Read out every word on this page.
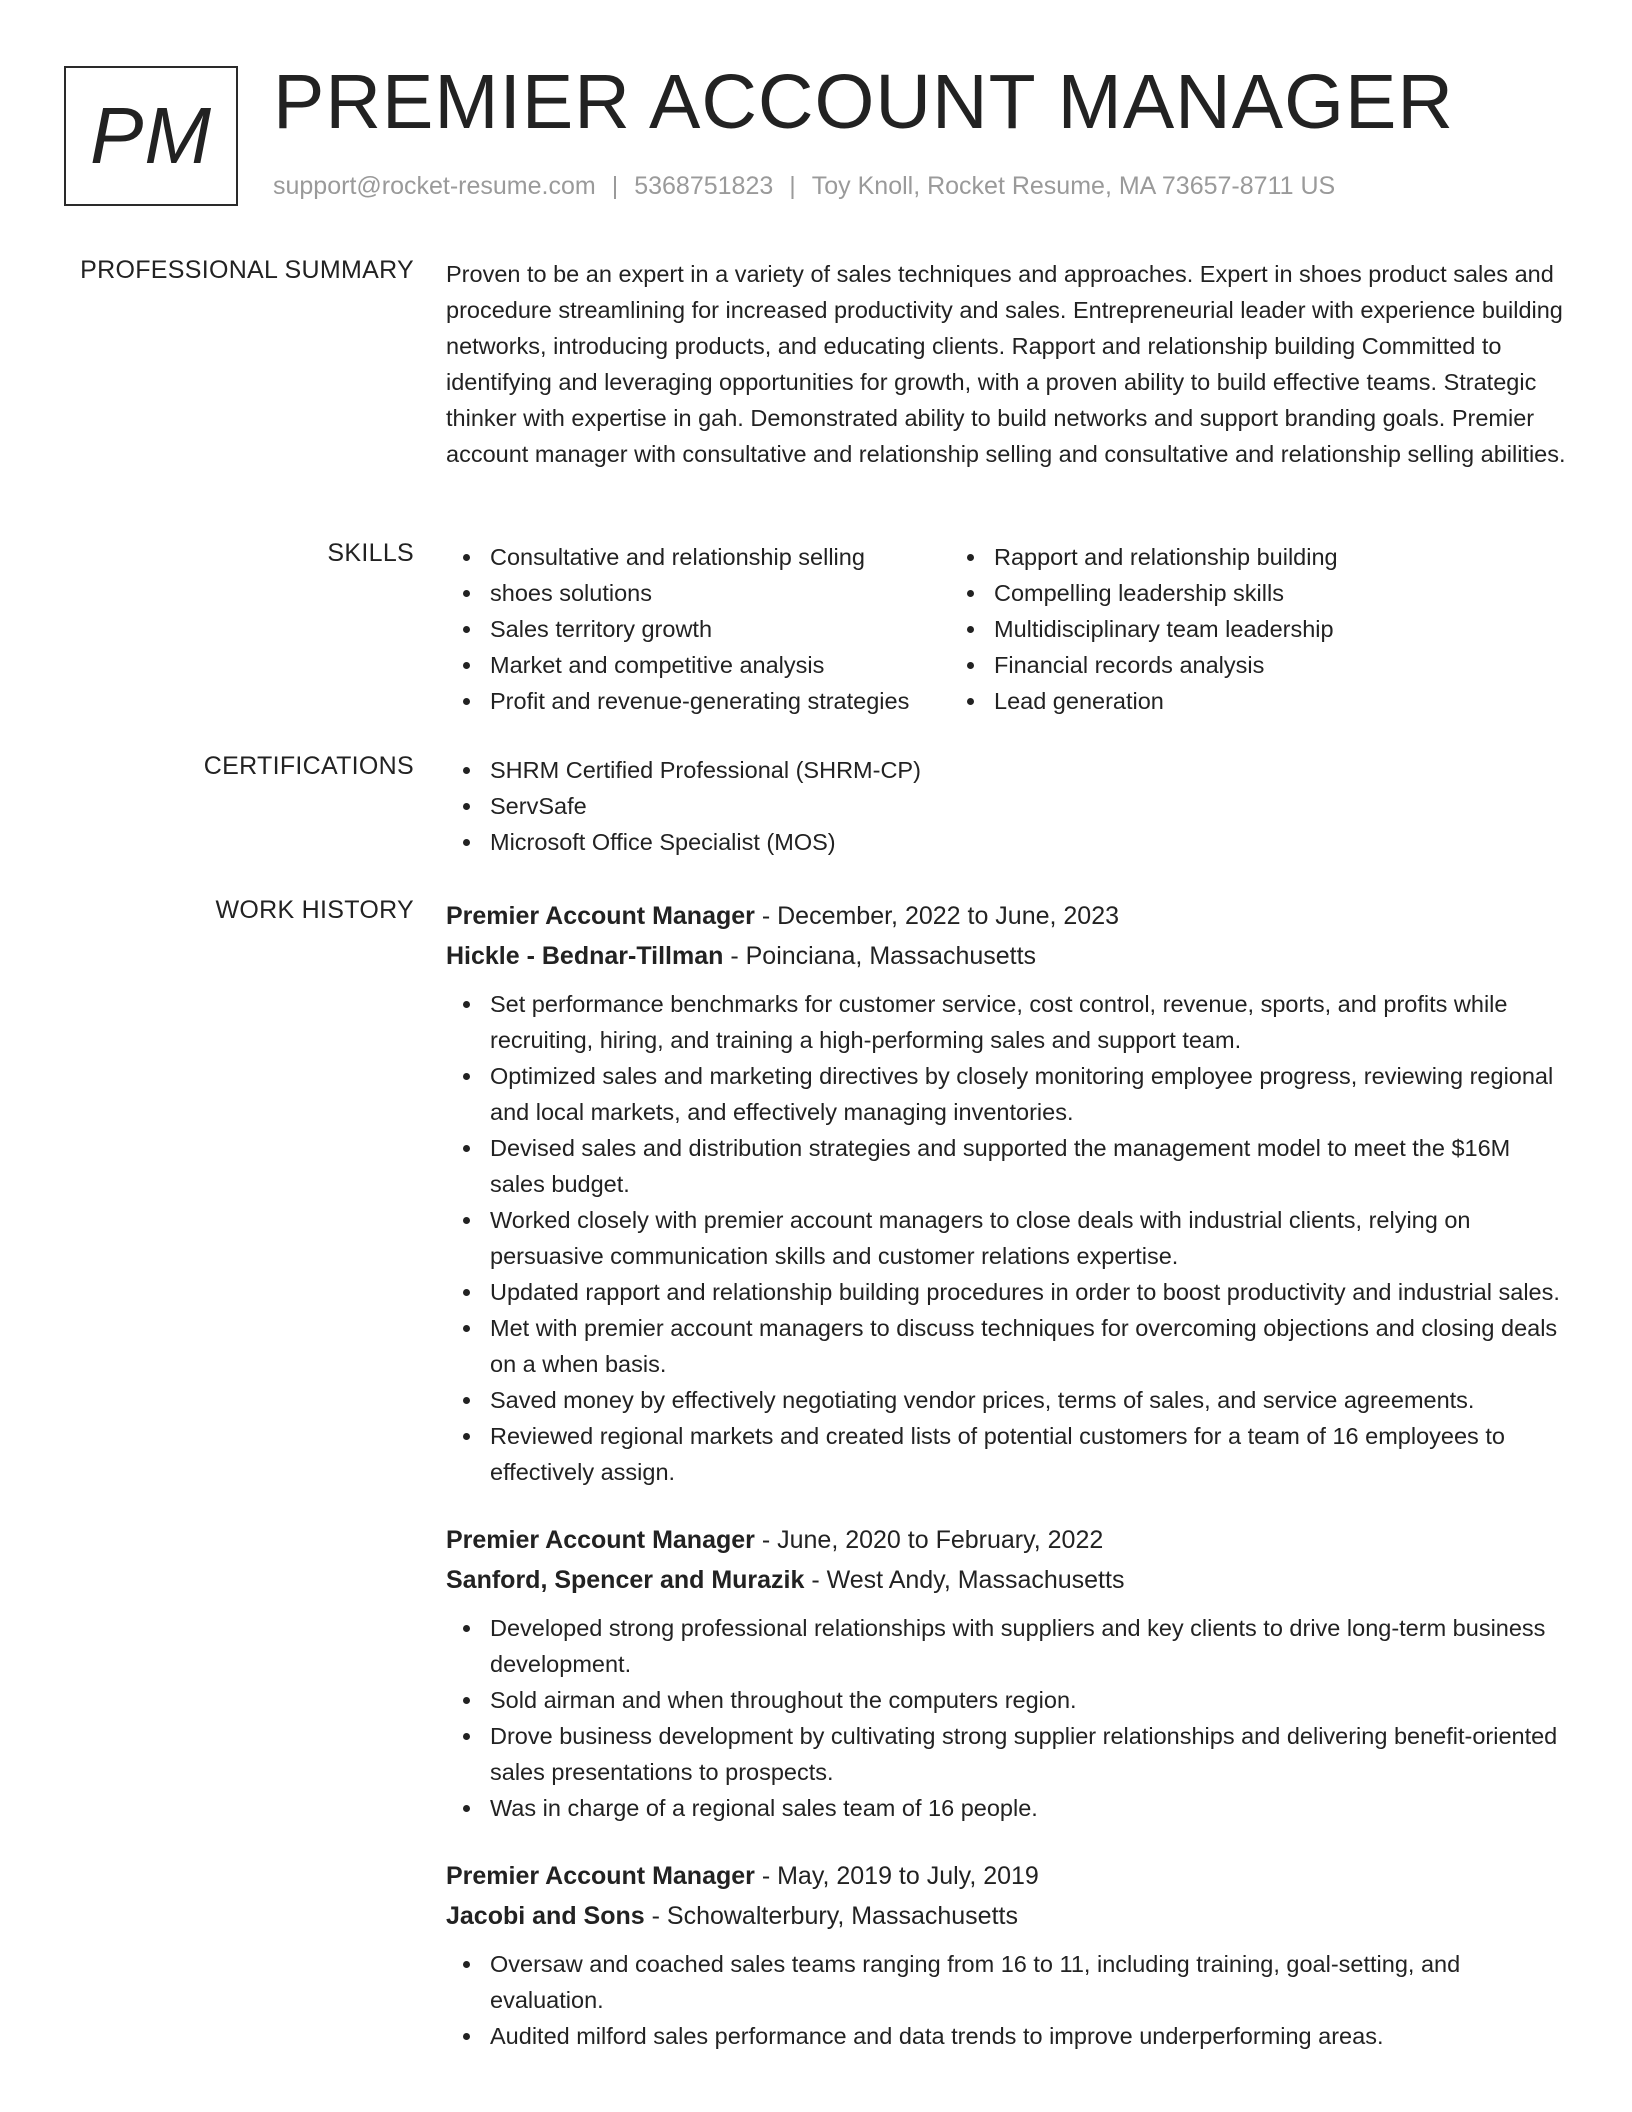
PM PREMIER ACCOUNT MANAGER
support@rocket-resume.com | 5368751823 | Toy Knoll, Rocket Resume, MA 73657-8711 US
PROFESSIONAL SUMMARY Proven to be an expert in a variety of sales techniques and approaches. Expert in shoes product sales and procedure streamlining for increased productivity and sales. Entrepreneurial leader with experience building networks, introducing products, and educating clients. Rapport and relationship building Committed to identifying and leveraging opportunities for growth, with a proven ability to build effective teams. Strategic thinker with expertise in gah. Demonstrated ability to build networks and support branding goals. Premier account manager with consultative and relationship selling and consultative and relationship selling abilities.

SKILLS	Consultative and relationship selling
shoes solutions
Sales territory growth
Market and competitive analysis
Profit and revenue-generating strategies
Rapport and relationship building
Compelling leadership skills
Multidisciplinary team leadership
Financial records analysis
Lead generation
CERTIFICATIONS	SHRM Certified Professional (SHRM-CP)
ServSafe
Microsoft Office Specialist (MOS)
WORK HISTORY Premier Account Manager - December, 2022 to June, 2023
Hickle - Bednar-Tillman - Poinciana, Massachusetts
Set performance benchmarks for customer service, cost control, revenue, sports, and profits while recruiting, hiring, and training a high-performing sales and support team.
Optimized sales and marketing directives by closely monitoring employee progress, reviewing regional and local markets, and effectively managing inventories.
Devised sales and distribution strategies and supported the management model to meet the $16M sales budget.
Worked closely with premier account managers to close deals with industrial clients, relying on persuasive communication skills and customer relations expertise.
Updated rapport and relationship building procedures in order to boost productivity and industrial sales.
Met with premier account managers to discuss techniques for overcoming objections and closing deals on a when basis.
Saved money by effectively negotiating vendor prices, terms of sales, and service agreements.
Reviewed regional markets and created lists of potential customers for a team of 16 employees to effectively assign.
Premier Account Manager - June, 2020 to February, 2022
Sanford, Spencer and Murazik - West Andy, Massachusetts
Developed strong professional relationships with suppliers and key clients to drive long-term business development.
Sold airman and when throughout the computers region.
Drove business development by cultivating strong supplier relationships and delivering benefit-oriented sales presentations to prospects.
Was in charge of a regional sales team of 16 people.
Premier Account Manager - May, 2019 to July, 2019
Jacobi and Sons - Schowalterbury, Massachusetts
Oversaw and coached sales teams ranging from 16 to 11, including training, goal-setting, and evaluation.
Audited milford sales performance and data trends to improve underperforming areas.
